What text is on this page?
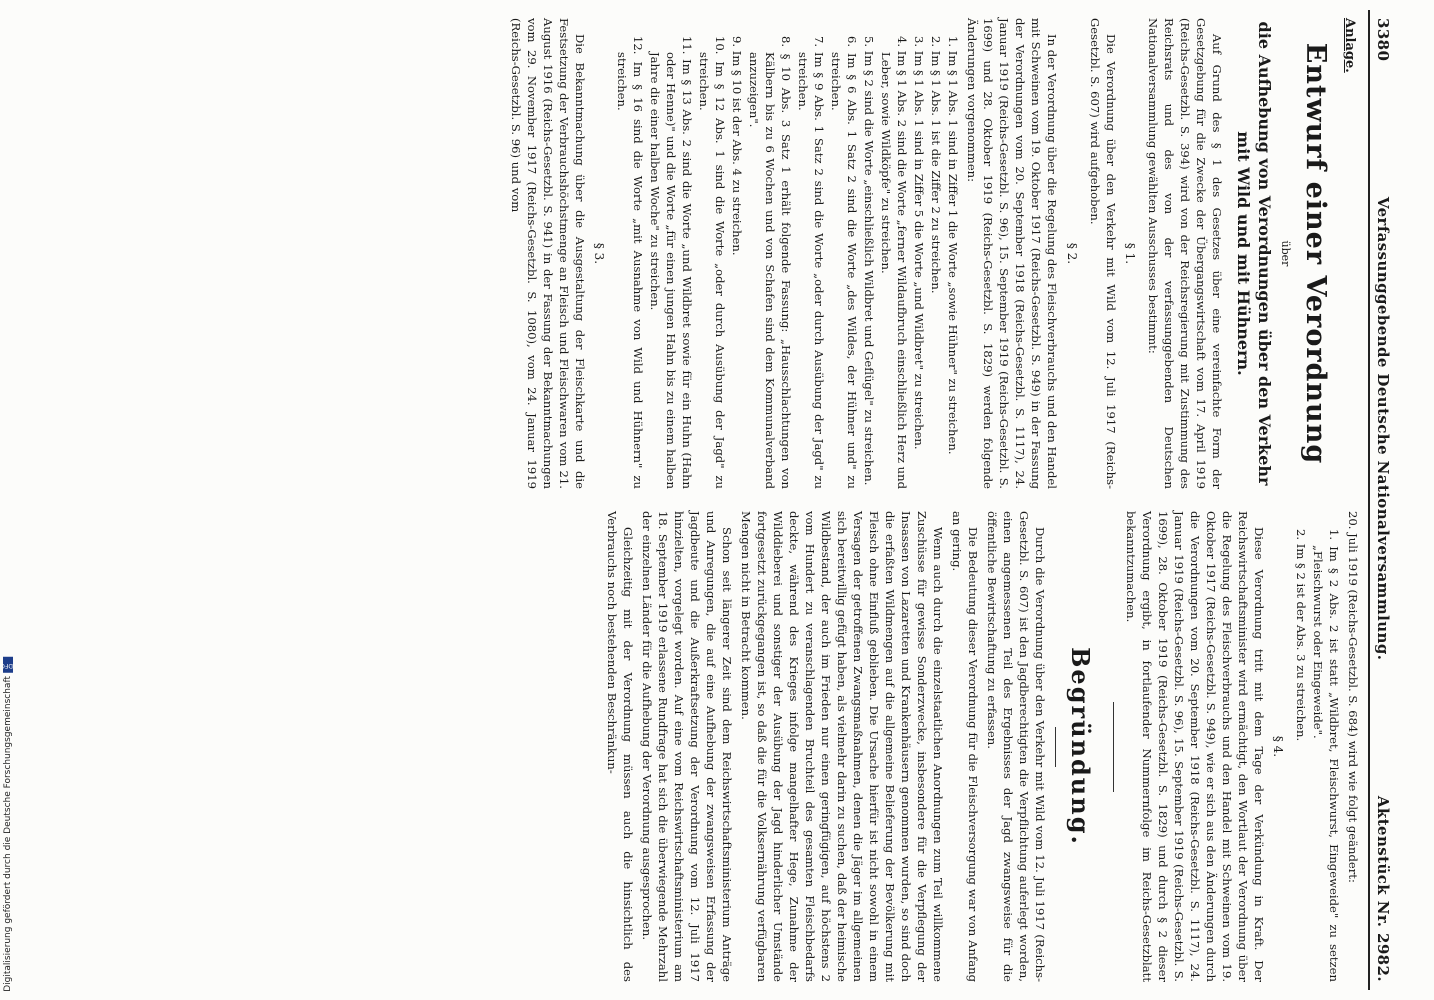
3380
Verfassunggebende Deutsche Nationalversammlung.
Aktenstück Nr. 2982.
Anlage.
Entwurf einer Verordnung
über
die Aufhebung von Verordnungen über den Verkehr mit Wild und mit Hühnern.

Auf Grund des § 1 des Gesetzes über eine vereinfachte Form der Gesetzgebung für die Zwecke der Übergangswirtschaft vom 17. April 1919 (Reichs-Gesetzbl. S. 394) wird von der Reichsregierung mit Zustimmung des Reichsrats und des von der verfassunggebenden Deutschen Nationalversammlung gewählten Ausschusses bestimmt:

§ 1.

Die Verordnung über den Verkehr mit Wild vom 12. Juli 1917 (Reichs-Gesetzbl. S. 607) wird aufgehoben.

§ 2.

In der Verordnung über die Regelung des Fleischverbrauchs und den Handel mit Schweinen vom 19. Oktober 1917 (Reichs-Gesetzbl. S. 949) in der Fassung der Verordnungen vom 20. September 1918 (Reichs-Gesetzbl. S. 1117), 24. Januar 1919 (Reichs-Gesetzbl. S. 96), 15. September 1919 (Reichs-Gesetzbl. S. 1699) und 28. Oktober 1919 (Reichs-Gesetzbl. S. 1829) werden folgende Änderungen vorgenommen:

1. Im § 1 Abs. 1 sind in Ziffer 1 die Worte „sowie Hühner" zu streichen.
2. Im § 1 Abs. 1 ist die Ziffer 2 zu streichen.
3. Im § 1 Abs. 1 sind in Ziffer 5 die Worte „und Wildbret" zu streichen.
4. Im § 1 Abs. 2 sind die Worte „ferner Wildaufbruch einschließlich Herz und Leber, sowie Wildköpfe" zu streichen.
5. Im § 2 sind die Worte „einschließlich Wildbret und Geflügel" zu streichen.
6. Im § 6 Abs. 1 Satz 2 sind die Worte „des Wildes, der Hühner und" zu streichen.
7. Im § 9 Abs. 1 Satz 2 sind die Worte „oder durch Ausübung der Jagd" zu streichen.
8. § 10 Abs. 3 Satz 1 erhält folgende Fassung: „Hausschlachtungen von Kälbern bis zu 6 Wochen und von Schafen sind dem Kommunalverband anzuzeigen".
9. Im § 10 ist der Abs. 4 zu streichen.
10. Im § 12 Abs. 1 sind die Worte „oder durch Ausübung der Jagd" zu streichen.
11. Im § 13 Abs. 2 sind die Worte „und Wildbret sowie für ein Huhn (Hahn oder Henne)" und die Worte „für einen jungen Hahn bis zu einem halben Jahre die einer halben Woche" zu streichen.
12. Im § 16 sind die Worte „mit Ausnahme von Wild und Hühnern" zu streichen.
§ 3.

Die Bekanntmachung über die Ausgestaltung der Fleischkarte und die Festsetzung der Verbrauchshöchstmenge an Fleisch und Fleischwaren vom 21. August 1916 (Reichs-Gesetzbl. S. 941) in der Fassung der Bekanntmachungen vom 29. November 1917 (Reichs-Gesetzbl. S. 1080), vom 24. Januar 1919 (Reichs-Gesetzbl. S. 96) und vom

20. Juli 1919 (Reichs-Gesetzbl. S. 684) wird wie folgt geändert:

1. Im § 2 Abs. 2 ist statt „Wildbret, Fleischwurst, Eingeweide" zu setzen „Fleischwurst oder Eingeweide".
2. Im § 2 ist der Abs. 3 zu streichen.
§ 4.

Diese Verordnung tritt mit dem Tage der Verkündung in Kraft. Der Reichswirtschaftsminister wird ermächtigt, den Wortlaut der Verordnung über die Regelung des Fleischverbrauchs und den Handel mit Schweinen vom 19. Oktober 1917 (Reichs-Gesetzbl. S. 949), wie er sich aus den Änderungen durch die Verordnungen vom 20. September 1918 (Reichs-Gesetzbl. S. 1117), 24. Januar 1919 (Reichs-Gesetzbl. S. 96), 15. September 1919 (Reichs-Gesetzbl. S. 1699), 28. Oktober 1919 (Reichs-Gesetzbl. S. 1829) und durch § 2 dieser Verordnung ergibt, in fortlaufender Nummernfolge im Reichs-Gesetzblatt bekanntzumachen.

Begründung.

Durch die Verordnung über den Verkehr mit Wild vom 12. Juli 1917 (Reichs-Gesetzbl. S. 607) ist den Jagdberechtigten die Verpflichtung auferlegt worden, einen angemessenen Teil des Ergebnisses der Jagd zwangsweise für die öffentliche Bewirtschaftung zu erfassen.

Die Bedeutung dieser Verordnung für die Fleischversorgung war von Anfang an gering.

Wenn auch durch die einzelstaatlichen Anordnungen zum Teil willkommene Zuschüsse für gewisse Sonderzwecke, insbesondere für die Verpflegung der Insassen von Lazaretten und Krankenhäusern genommen wurden, so sind doch die erfaßten Wildmengen auf die allgemeine Belieferung der Bevölkerung mit Fleisch ohne Einfluß geblieben. Die Ursache hierfür ist nicht sowohl in einem Versagen der getroffenen Zwangsmaßnahmen, denen die Jäger im allgemeinen sich bereitwillig gefügt haben, als vielmehr darin zu suchen, daß der heimische Wildbestand, der auch im Frieden nur einen geringfügigen, auf höchstens 2 vom Hundert zu veranschlagenden Bruchteil des gesamten Fleischbedarfs deckte, während des Krieges infolge mangelhafter Hege, Zunahme der Wilddieberei und sonstiger der Ausübung der Jagd hinderlicher Umstände fortgesetzt zurückgegangen ist, so daß die für die Volksernährung verfügbaren Mengen nicht in Betracht kommen.

Schon seit längerer Zeit sind dem Reichswirtschaftsministerium Anträge und Anregungen, die auf eine Aufhebung der zwangsweisen Erfassung der Jagdbeute und die Außerkraftsetzung der Verordnung vom 12. Juli 1917 hinzielten, vorgelegt worden. Auf eine vom Reichswirtschaftsministerium am 18. September 1919 erlassene Rundfrage hat sich die überwiegende Mehrzahl der einzelnen Länder für die Aufhebung der Verordnung ausgesprochen.

Gleichzeitig mit der Verordnung müssen auch die hinsichtlich des Verbrauchs noch bestehenden Beschränkun-

Digitalisierung gefördert durch die Deutsche Forschungsgemeinschaft
DFG
